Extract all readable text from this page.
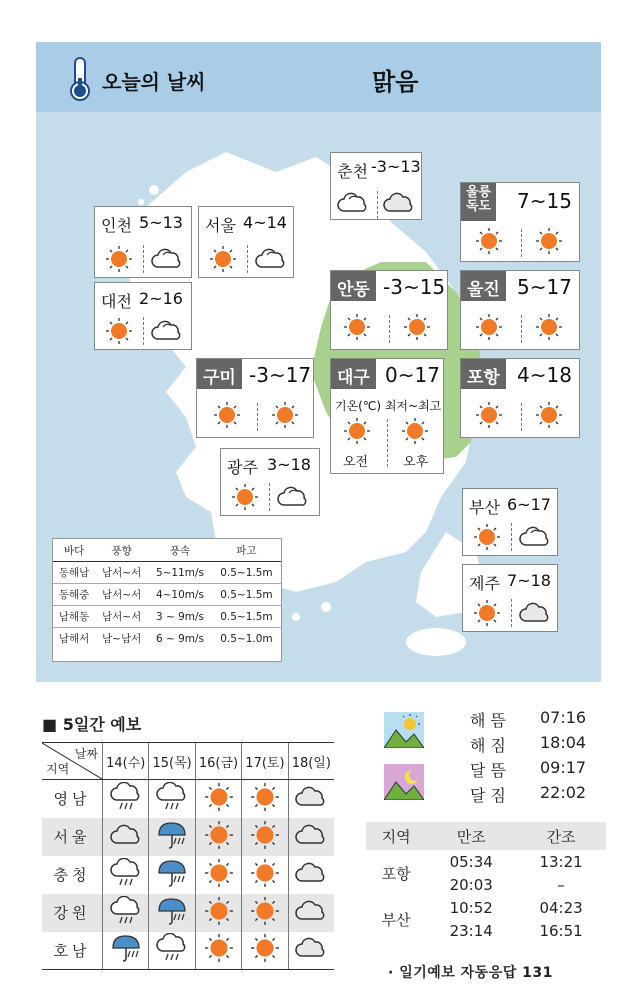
오늘의 날씨	맑음
춘천 -3~13
울릉
독도 7~15
인천 5~13 서울 4~14
대전 2~16	안동 -3~15	울진 5~17
구미 -3~17	대구 0~17
기온(℃) 최저~최고
오전	오후
포항 4~18
광주 3~18
부산 6~17
제주 7~18
바다	풍향	풍속	파고
동해남	남서~서	5~11m/s	0.5~1.5m
동해중	남서~서	4~10m/s	0.5~1.5m
남해동	남서~서	3 ~ 9m/s	0.5~1.5m
남해서	남~남서	6 ~ 9m/s	0.5~1.0m
■ 5일간 예보
날짜
지역	14(수)	15(목)	16(금)	17(토)	18(일)
영남					
서울					
충청					
강원					
호남					
해 뜸 07:16
해 짐 18:04
달 뜸 09:17
달 짐 22:02
지역	만조	간조
포항	05:34	13:21
	20:03	–
부산	10:52	04:23
	23:14	16:51
· 일기예보 자동응답 131
